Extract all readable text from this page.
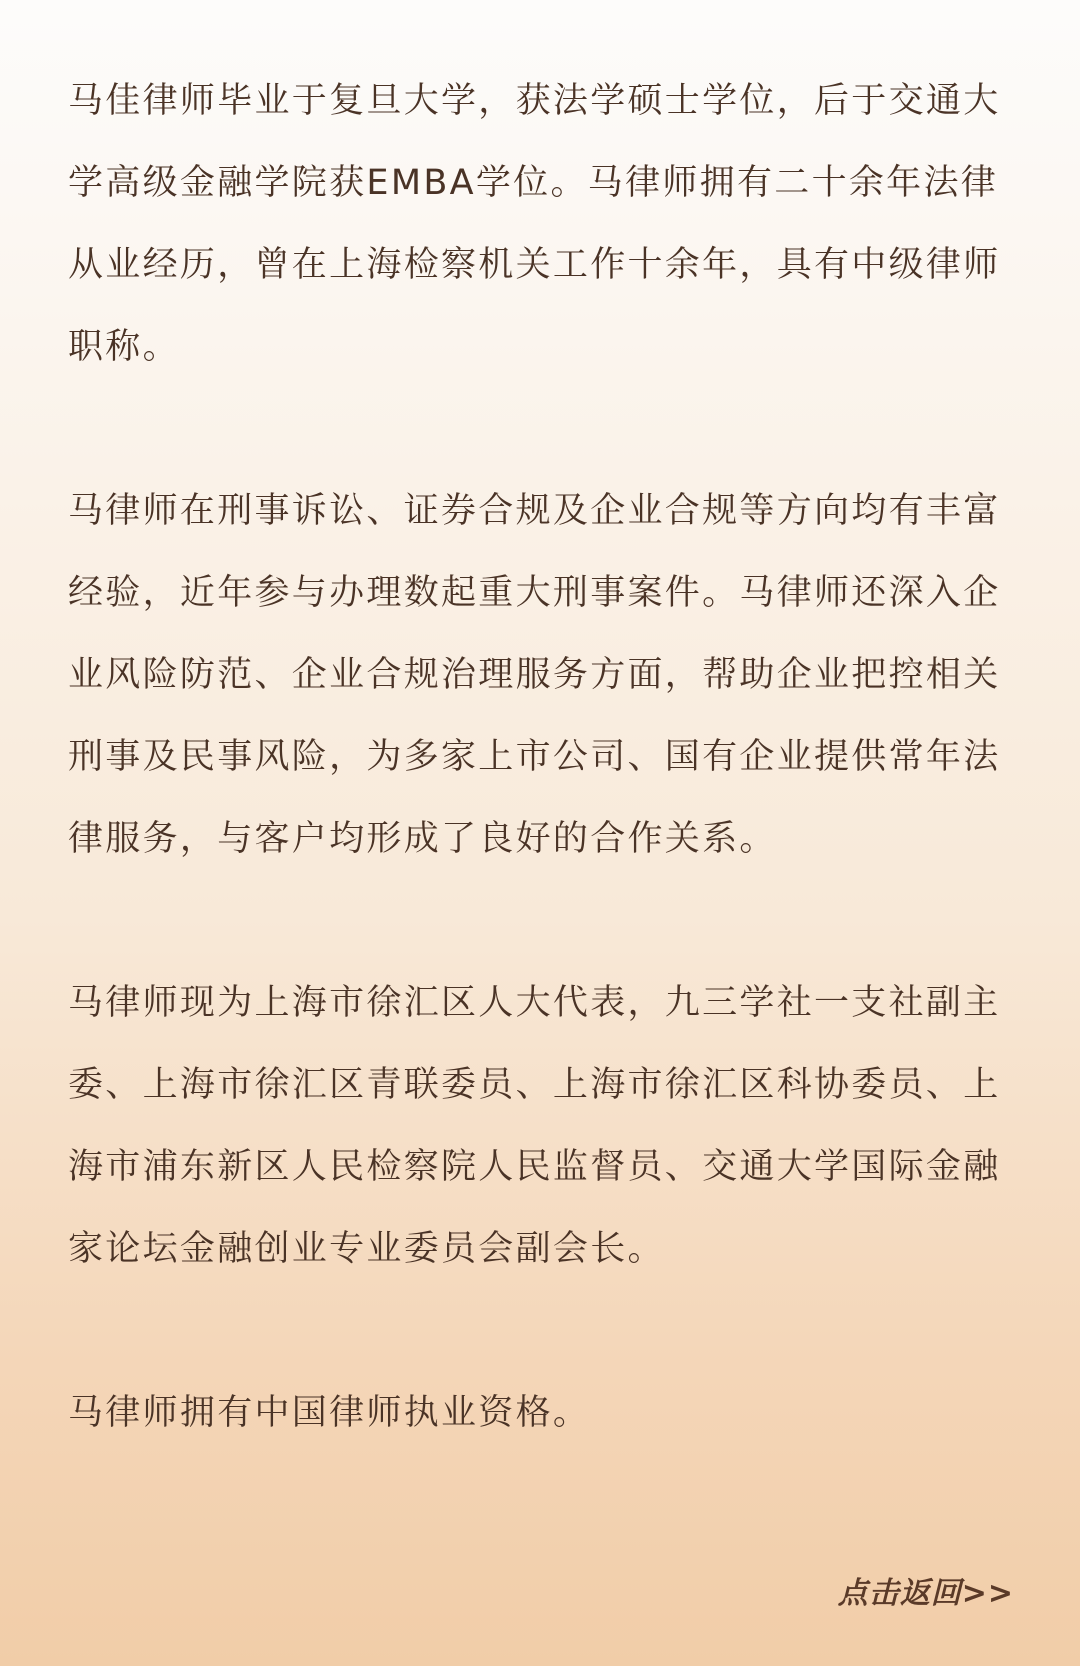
马佳律师毕业于复旦大学，获法学硕士学位，后于交通大学高级金融学院获EMBA学位。马律师拥有二十余年法律从业经历，曾在上海检察机关工作十余年，具有中级律师职称。

马律师在刑事诉讼、证券合规及企业合规等方向均有丰富经验，近年参与办理数起重大刑事案件。马律师还深入企业风险防范、企业合规治理服务方面，帮助企业把控相关刑事及民事风险，为多家上市公司、国有企业提供常年法律服务，与客户均形成了良好的合作关系。

马律师现为上海市徐汇区人大代表，九三学社一支社副主委、上海市徐汇区青联委员、上海市徐汇区科协委员、上海市浦东新区人民检察院人民监督员、交通大学国际金融家论坛金融创业专业委员会副会长。

马律师拥有中国律师执业资格。

点击返回>>
